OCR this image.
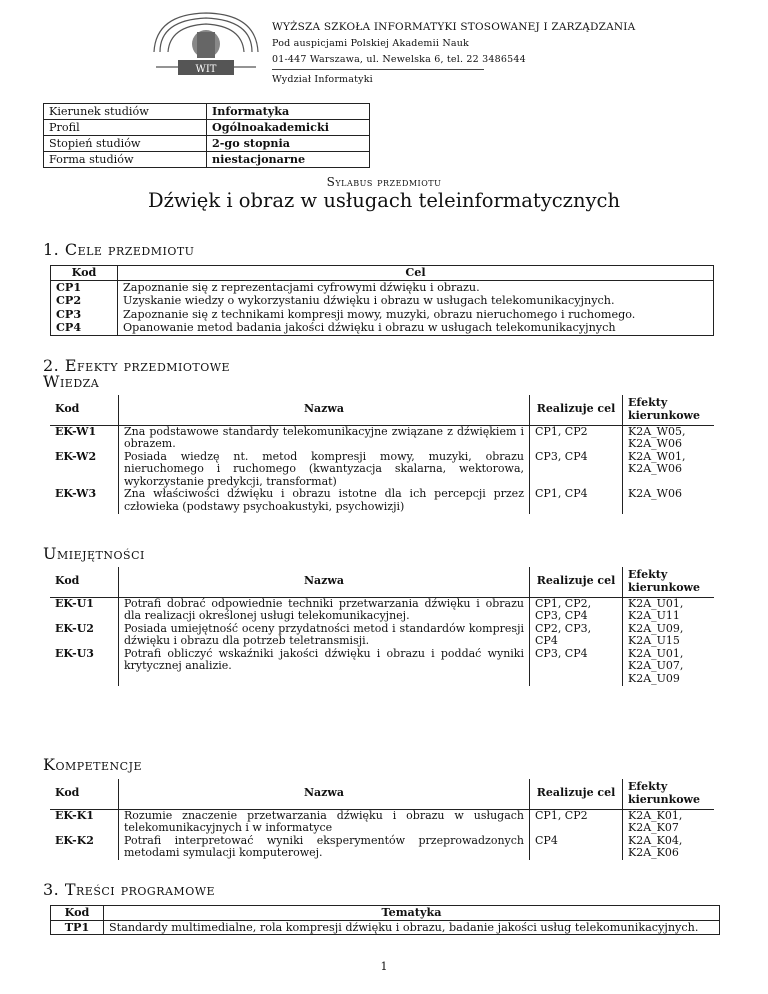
WIT
WYŻSZA SZKOŁA INFORMATYKI STOSOWANEJ I ZARZĄDZANIA
Pod auspicjami Polskiej Akademii Nauk
01-447 Warszawa, ul. Newelska 6, tel. 22 3486544
Wydział Informatyki
Kierunek studiów	Informatyka
Profil	Ogólnoakademicki
Stopień studiów	2-go stopnia
Forma studiów	niestacjonarne
Sylabus przedmiotu
Dźwięk i obraz w usługach teleinformatycznych
1. Cele przedmiotu
Kod	Cel
CP1	Zapoznanie się z reprezentacjami cyfrowymi dźwięku i obrazu.
CP2	Uzyskanie wiedzy o wykorzystaniu dźwięku i obrazu w usługach telekomunikacyjnych.
CP3	Zapoznanie się z technikami kompresji mowy, muzyki, obrazu nieruchomego i ruchomego.
CP4	Opanowanie metod badania jakości dźwięku i obrazu w usługach telekomunikacyjnych
2. Efekty przedmiotowe
Wiedza
Kod	Nazwa	Realizuje cel	Efekty kierunkowe
EK-W1	Zna podstawowe standardy telekomunikacyjne związane z dźwiękiem i obrazem.	CP1, CP2	K2A_W05, K2A_W06
EK-W2	Posiada wiedzę nt. metod kompresji mowy, muzyki, obrazu nieruchomego i ruchomego (kwantyzacja skalarna, wektorowa, wykorzystanie predykcji, transformat)	CP3, CP4	K2A_W01, K2A_W06
EK-W3	Zna właściwości dźwięku i obrazu istotne dla ich percepcji przez człowieka (podstawy psychoakustyki, psychowizji)	CP1, CP4	K2A_W06
Umiejętności
Kod	Nazwa	Realizuje cel	Efekty kierunkowe
EK-U1	Potrafi dobrać odpowiednie techniki przetwarzania dźwięku i obrazu dla realizacji określonej usługi telekomunikacyjnej.	CP1, CP2, CP3, CP4	K2A_U01, K2A_U11
EK-U2	Posiada umiejętność oceny przydatności metod i standardów kompresji dźwięku i obrazu dla potrzeb teletransmisji.	CP2, CP3, CP4	K2A_U09, K2A_U15
EK-U3	Potrafi obliczyć wskaźniki jakości dźwięku i obrazu i poddać wyniki krytycznej analizie.	CP3, CP4	K2A_U01, K2A_U07, K2A_U09
Kompetencje
Kod	Nazwa	Realizuje cel	Efekty kierunkowe
EK-K1	Rozumie znaczenie przetwarzania dźwięku i obrazu w usługach telekomunikacyjnych i w informatyce	CP1, CP2	K2A_K01, K2A_K07
EK-K2	Potrafi interpretować wyniki eksperymentów przeprowadzonych metodami symulacji komputerowej.	CP4	K2A_K04, K2A_K06
3. Treści programowe
Kod	Tematyka
TP1	Standardy multimedialne, rola kompresji dźwięku i obrazu, badanie jakości usług telekomunikacyjnych.
1
